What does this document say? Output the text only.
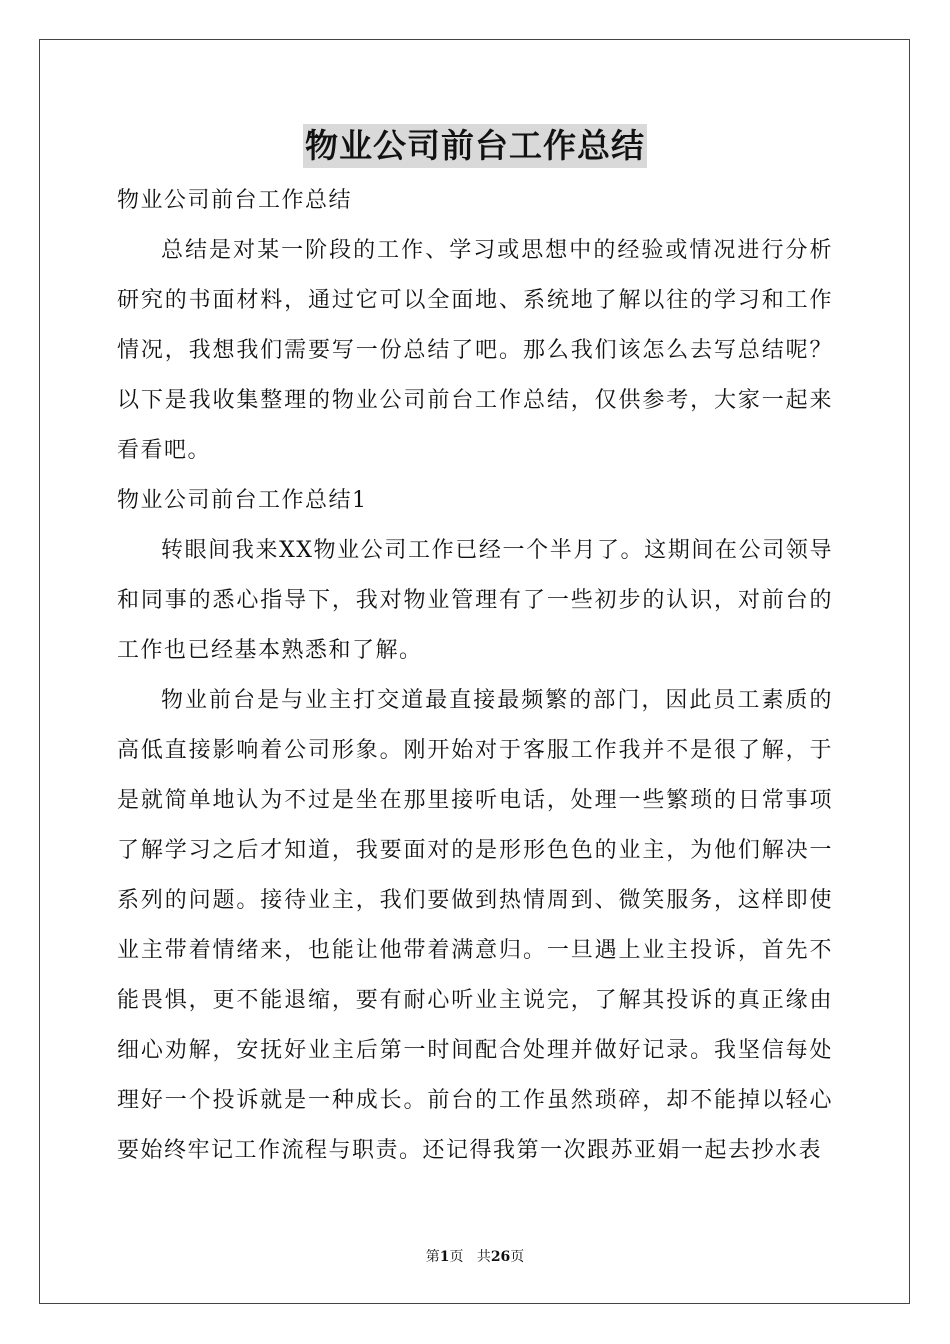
物业公司前台工作总结

物业公司前台工作总结

总结是对某一阶段的工作、学习或思想中的经验或情况进行分析研究的书面材料，通过它可以全面地、系统地了解以往的学习和工作情况，我想我们需要写一份总结了吧。那么我们该怎么去写总结呢？以下是我收集整理的物业公司前台工作总结，仅供参考，大家一起来看看吧。

物业公司前台工作总结1

转眼间我来XX物业公司工作已经一个半月了。这期间在公司领导和同事的悉心指导下，我对物业管理有了一些初步的认识，对前台的工作也已经基本熟悉和了解。

物业前台是与业主打交道最直接最频繁的部门，因此员工素质的高低直接影响着公司形象。刚开始对于客服工作我并不是很了解，于是就简单地认为不过是坐在那里接听电话，处理一些繁琐的日常事项了解学习之后才知道，我要面对的是形形色色的业主，为他们解决一系列的问题。接待业主，我们要做到热情周到、微笑服务，这样即使业主带着情绪来，也能让他带着满意归。一旦遇上业主投诉，首先不能畏惧，更不能退缩，要有耐心听业主说完，了解其投诉的真正缘由细心劝解，安抚好业主后第一时间配合处理并做好记录。我坚信每处理好一个投诉就是一种成长。前台的工作虽然琐碎，却不能掉以轻心要始终牢记工作流程与职责。还记得我第一次跟苏亚娟一起去抄水表

第1页 共26页
